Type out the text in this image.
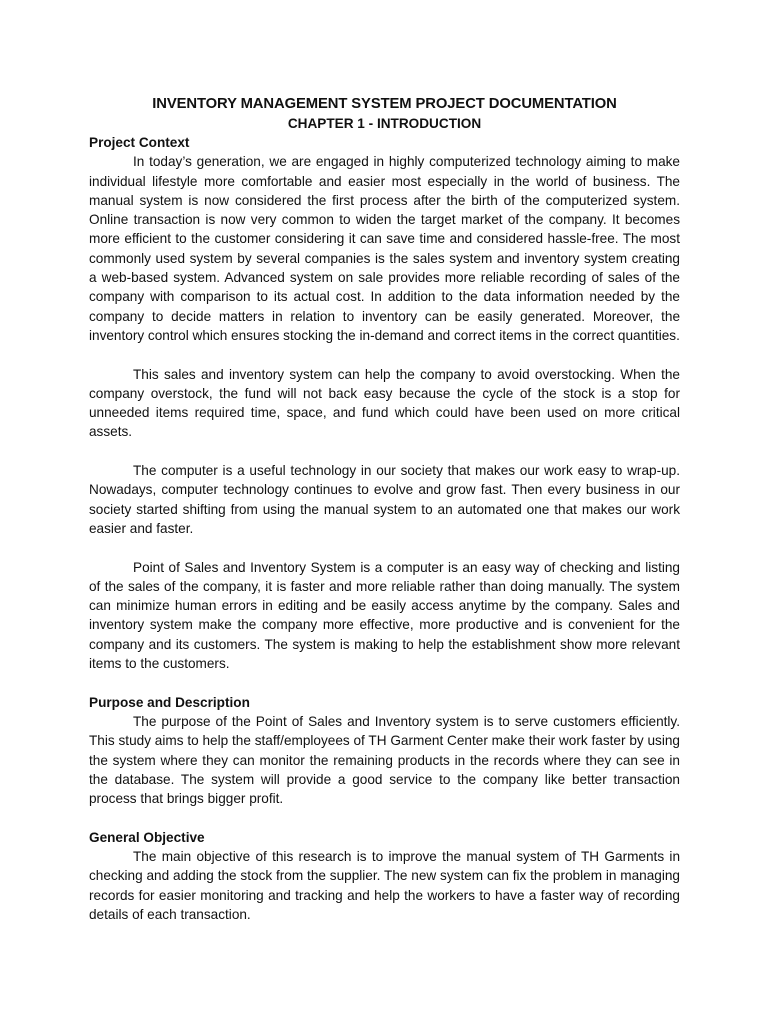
INVENTORY MANAGEMENT SYSTEM PROJECT DOCUMENTATION
CHAPTER 1 - INTRODUCTION
Project Context

In today’s generation, we are engaged in highly computerized technology aiming to make individual lifestyle more comfortable and easier most especially in the world of business. The manual system is now considered the first process after the birth of the computerized system. Online transaction is now very common to widen the target market of the company. It becomes more efficient to the customer considering it can save time and considered hassle-free. The most commonly used system by several companies is the sales system and inventory system creating a web-based system. Advanced system on sale provides more reliable recording of sales of the company with comparison to its actual cost. In addition to the data information needed by the company to decide matters in relation to inventory can be easily generated. Moreover, the inventory control which ensures stocking the in-demand and correct items in the correct quantities.

This sales and inventory system can help the company to avoid overstocking. When the company overstock, the fund will not back easy because the cycle of the stock is a stop for unneeded items required time, space, and fund which could have been used on more critical assets.

The computer is a useful technology in our society that makes our work easy to wrap-up. Nowadays, computer technology continues to evolve and grow fast. Then every business in our society started shifting from using the manual system to an automated one that makes our work easier and faster.

Point of Sales and Inventory System is a computer is an easy way of checking and listing of the sales of the company, it is faster and more reliable rather than doing manually. The system can minimize human errors in editing and be easily access anytime by the company. Sales and inventory system make the company more effective, more productive and is convenient for the company and its customers. The system is making to help the establishment show more relevant items to the customers.

Purpose and Description

The purpose of the Point of Sales and Inventory system is to serve customers efficiently. This study aims to help the staff/employees of TH Garment Center make their work faster by using the system where they can monitor the remaining products in the records where they can see in the database. The system will provide a good service to the company like better transaction process that brings bigger profit.

General Objective

The main objective of this research is to improve the manual system of TH Garments in checking and adding the stock from the supplier. The new system can fix the problem in managing records for easier monitoring and tracking and help the workers to have a faster way of recording details of each transaction.
